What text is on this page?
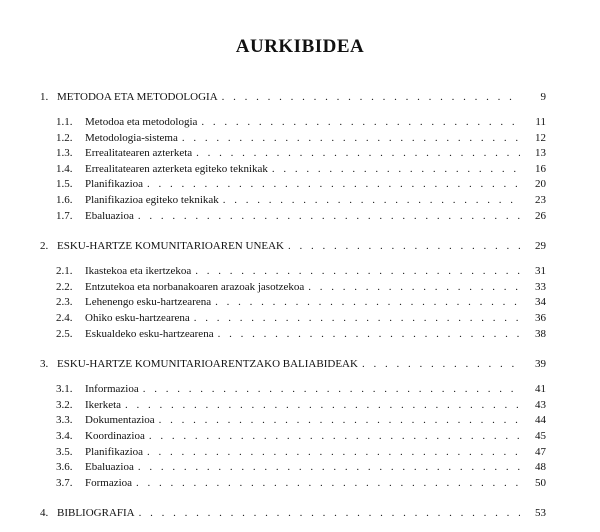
AURKIBIDEA
1. METODOA ETA METODOLOGIA . . .	9
1.1.	Metodoa eta metodologia . . .	11
1.2.	Metodologia-sistema . . .	12
1.3.	Errealitatearen azterketa . . .	13
1.4.	Errealitatearen azterketa egiteko teknikak . . .	16
1.5.	Planifikazioa . . .	20
1.6.	Planifikazioa egiteko teknikak . . .	23
1.7.	Ebaluazioa . . .	26
2. ESKU-HARTZE KOMUNITARIOAREN UNEAK . . .	29
2.1.	Ikastekoa eta ikertzekoa . . .	31
2.2.	Entzutekoa eta norbanakoaren arazoak jasotzekoa . . .	33
2.3.	Lehenengo esku-hartzearena . . .	34
2.4.	Ohiko esku-hartzearena . . .	36
2.5.	Eskualdeko esku-hartzearena . . .	38
3. ESKU-HARTZE KOMUNITARIOARENTZAKO BALIABIDEAK . . .	39
3.1.	Informazioa . . .	41
3.2.	Ikerketa . . .	43
3.3.	Dokumentazioa . . .	44
3.4.	Koordinazioa . . .	45
3.5.	Planifikazioa . . .	47
3.6.	Ebaluazioa . . .	48
3.7.	Formazioa . . .	50
4. BIBLIOGRAFIA . . .	53
